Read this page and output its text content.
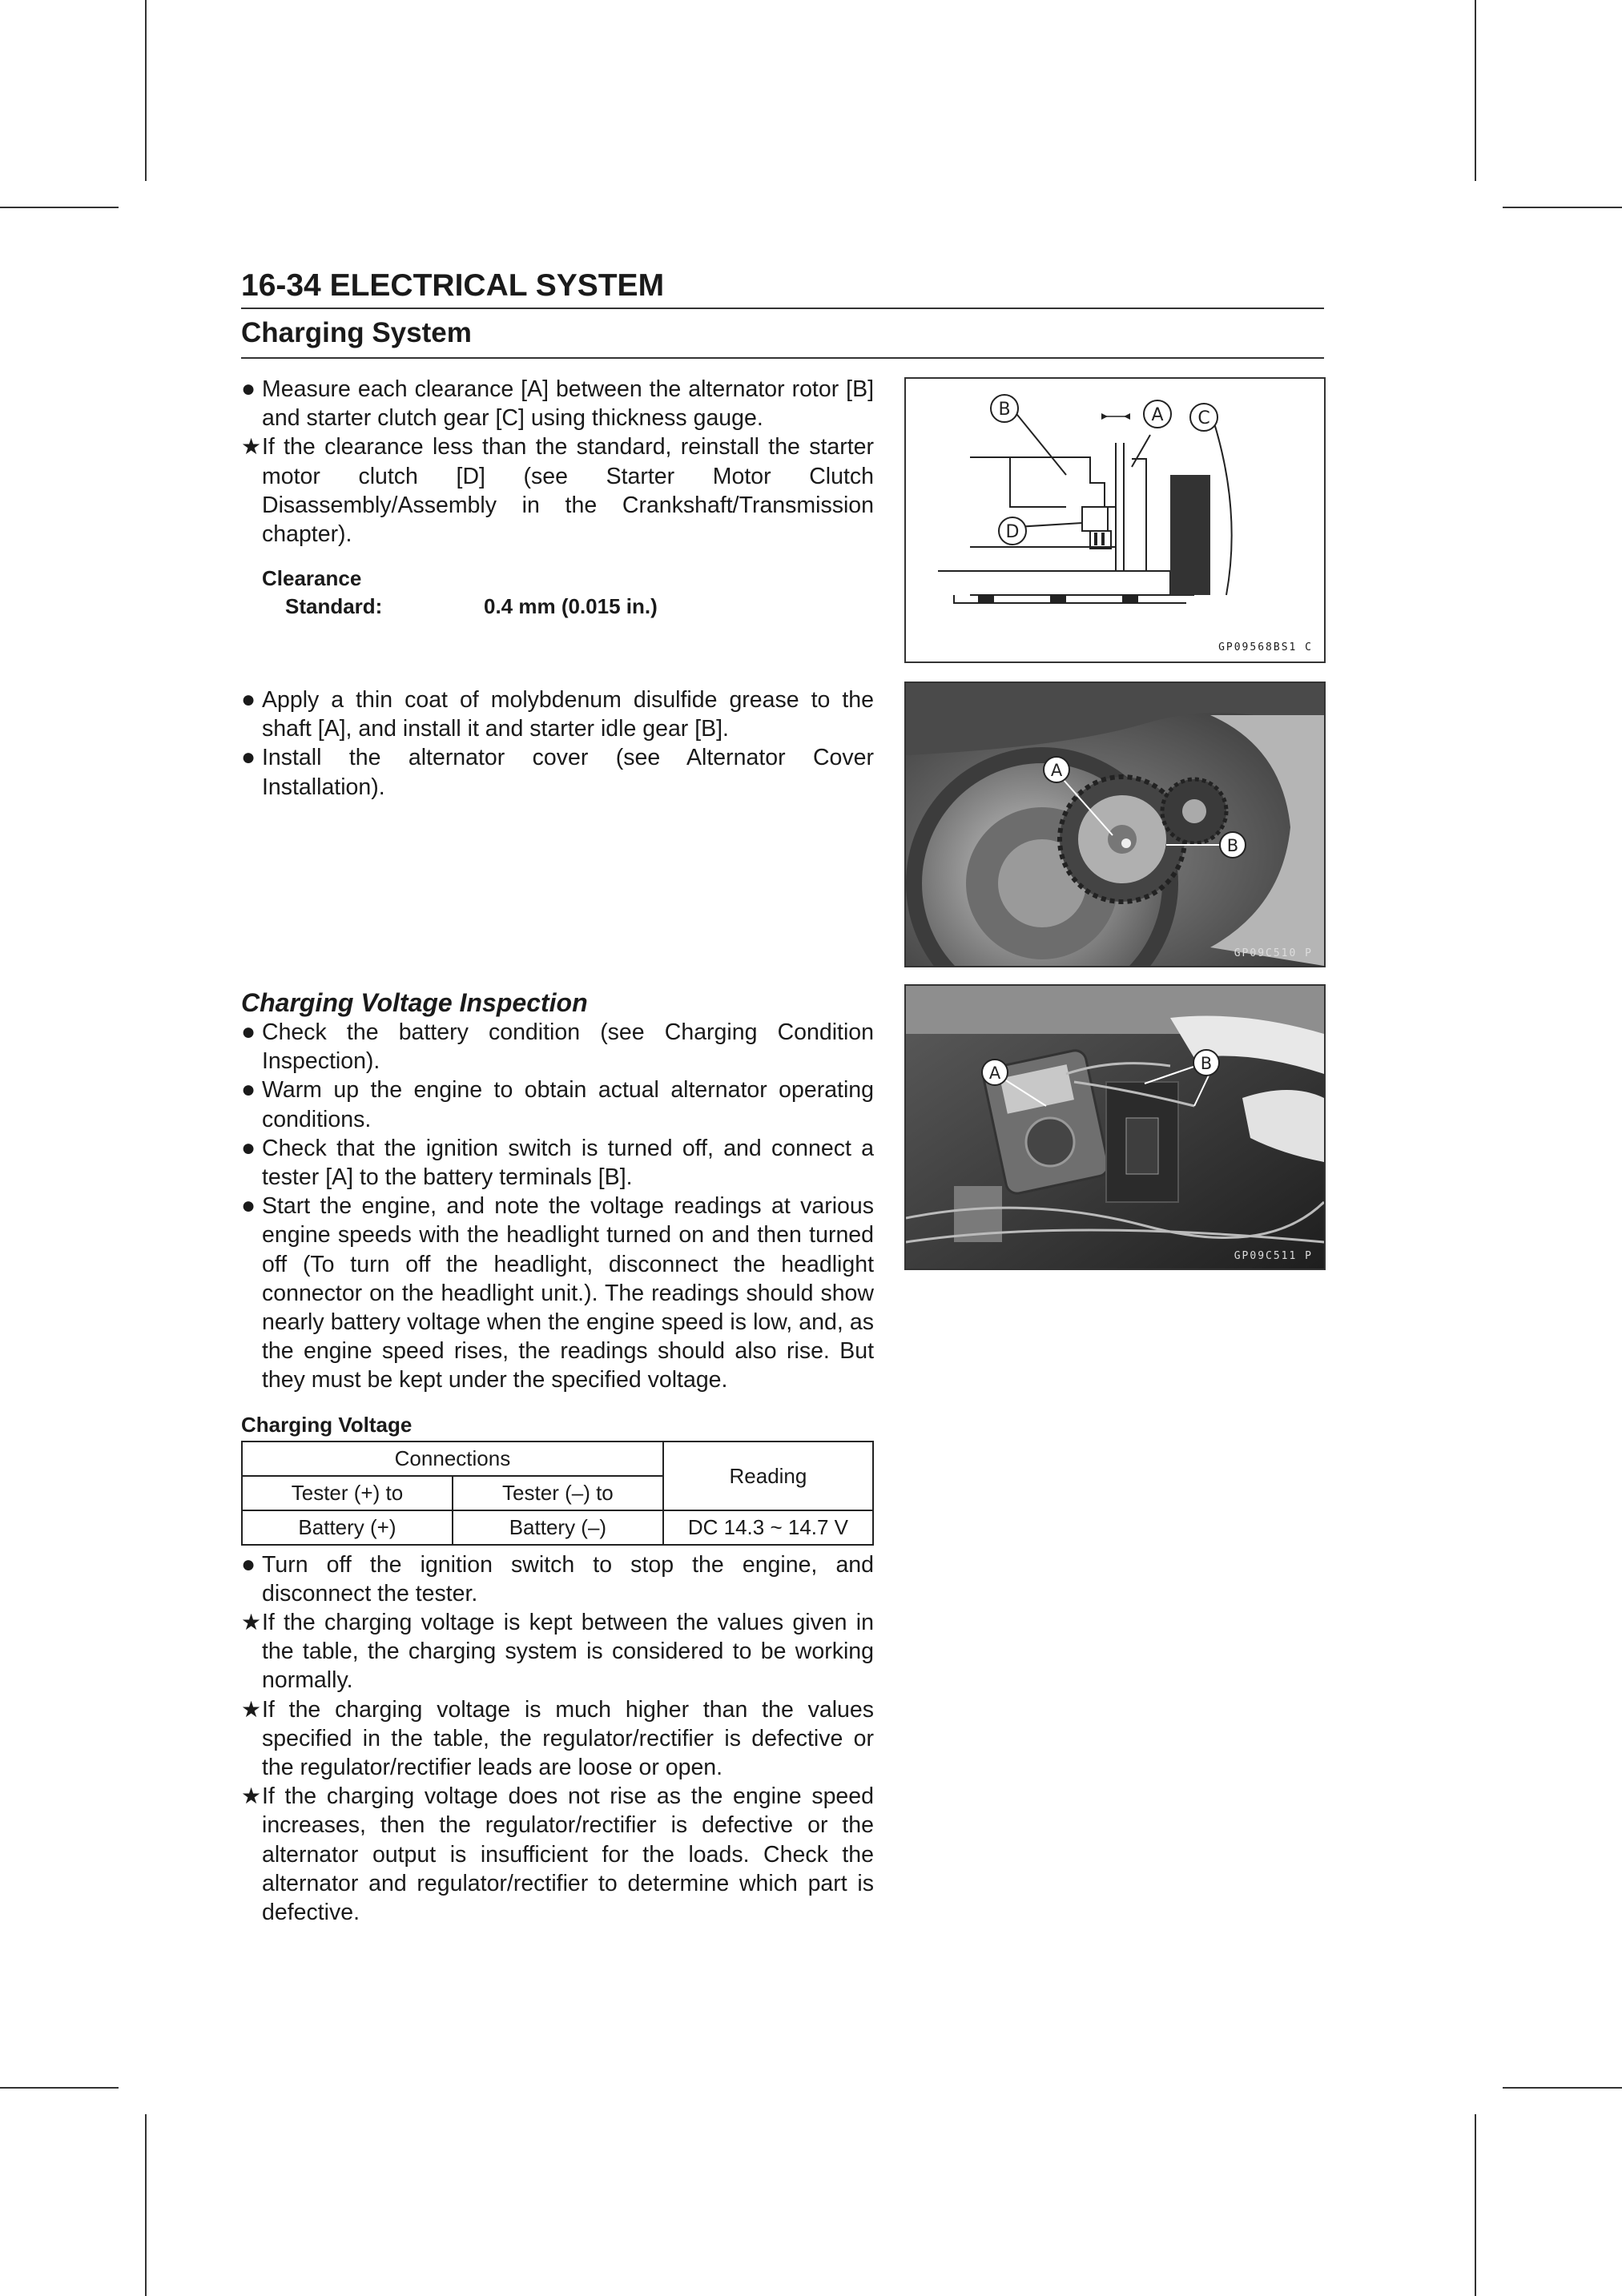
16-34 ELECTRICAL SYSTEM
Charging System
● Measure each clearance [A] between the alternator rotor [B] and starter clutch gear [C] using thickness gauge.
★ If the clearance less than the standard, reinstall the starter motor clutch [D] (see Starter Motor Clutch Disassembly/Assembly in the Crankshaft/Transmission chapter).
Clearance
Standard:	0.4 mm (0.015 in.)
B	A C
D
GP09568BS1 C
● Apply a thin coat of molybdenum disulfide grease to the shaft [A], and install it and starter idle gear [B].
● Install the alternator cover (see Alternator Cover Installation).
A
B
GP09C510 P
Charging Voltage Inspection
● Check the battery condition (see Charging Condition Inspection).
● Warm up the engine to obtain actual alternator operating conditions.
● Check that the ignition switch is turned off, and connect a tester [A] to the battery terminals [B].
● Start the engine, and note the voltage readings at various engine speeds with the headlight turned on and then turned off (To turn off the headlight, disconnect the headlight connector on the headlight unit.). The readings should show nearly battery voltage when the engine speed is low, and, as the engine speed rises, the readings should also rise. But they must be kept under the specified voltage.
Charging Voltage
Connections		Reading
Tester (+) to	Tester (–) to	
Battery (+)	Battery (–)	DC 14.3 ~ 14.7 V
● Turn off the ignition switch to stop the engine, and disconnect the tester.
★ If the charging voltage is kept between the values given in the table, the charging system is considered to be working normally.
★ If the charging voltage is much higher than the values specified in the table, the regulator/rectifier is defective or the regulator/rectifier leads are loose or open.
★ If the charging voltage does not rise as the engine speed increases, then the regulator/rectifier is defective or the alternator output is insufficient for the loads. Check the alternator and regulator/rectifier to determine which part is defective.
A	B
GP09C511 P
